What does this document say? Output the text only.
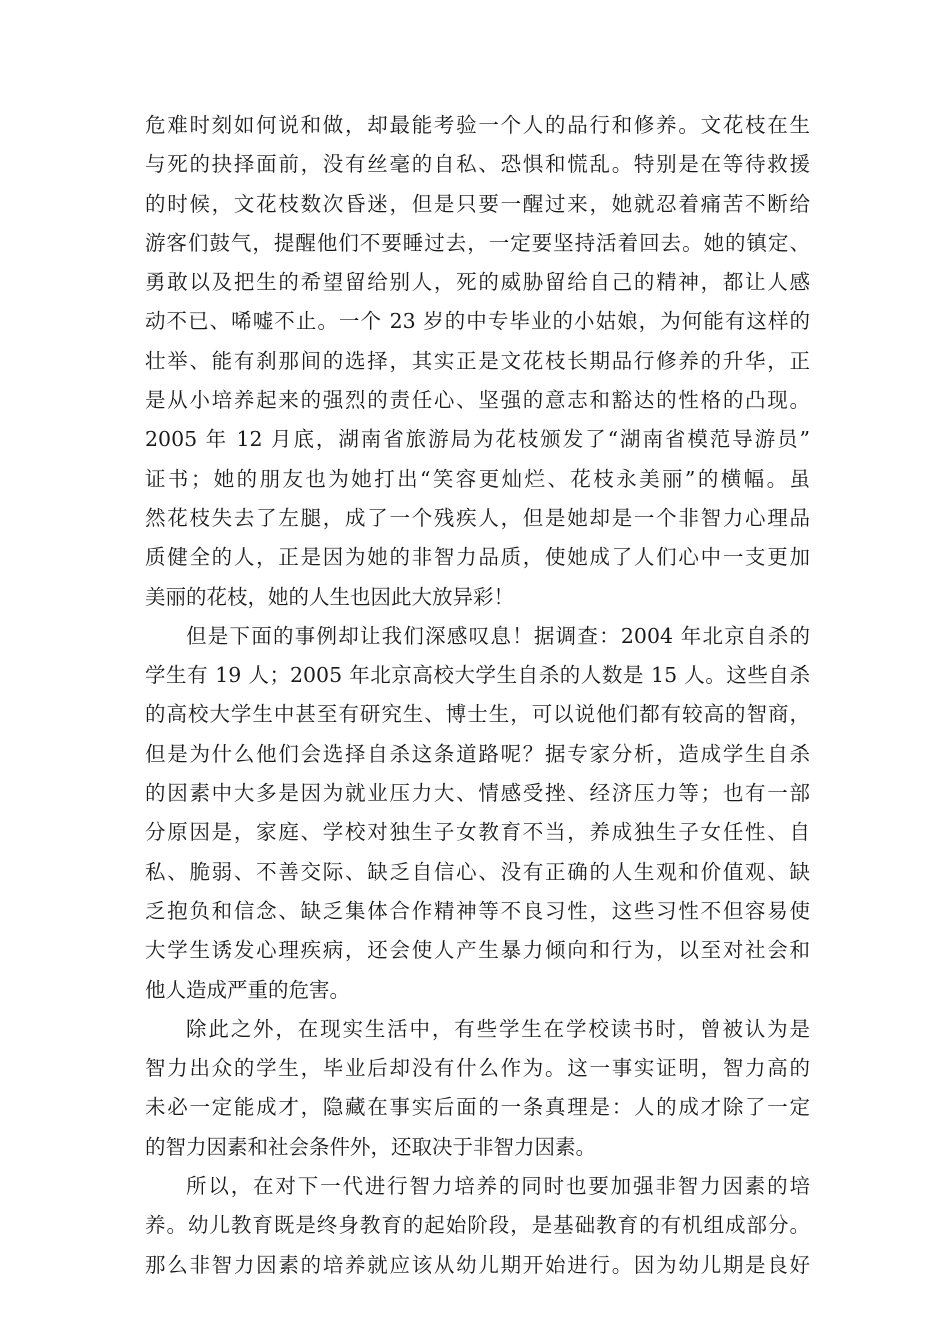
危难时刻如何说和做，却最能考验一个人的品行和修养。文花枝在生
与死的抉择面前，没有丝毫的自私、恐惧和慌乱。特别是在等待救援
的时候，文花枝数次昏迷，但是只要一醒过来，她就忍着痛苦不断给
游客们鼓气，提醒他们不要睡过去，一定要坚持活着回去。她的镇定、
勇敢以及把生的希望留给别人，死的威胁留给自己的精神，都让人感
动不已、唏嘘不止。一个 23 岁的中专毕业的小姑娘，为何能有这样的
壮举、能有刹那间的选择，其实正是文花枝长期品行修养的升华，正
是从小培养起来的强烈的责任心、坚强的意志和豁达的性格的凸现。
2005 年 12 月底，湖南省旅游局为花枝颁发了“湖南省模范导游员”
证书；她的朋友也为她打出“笑容更灿烂、花枝永美丽”的横幅。虽
然花枝失去了左腿，成了一个残疾人，但是她却是一个非智力心理品
质健全的人，正是因为她的非智力品质，使她成了人们心中一支更加
美丽的花枝，她的人生也因此大放异彩！
但是下面的事例却让我们深感叹息！据调查：2004 年北京自杀的
学生有 19 人；2005 年北京高校大学生自杀的人数是 15 人。这些自杀
的高校大学生中甚至有研究生、博士生，可以说他们都有较高的智商，
但是为什么他们会选择自杀这条道路呢？据专家分析，造成学生自杀
的因素中大多是因为就业压力大、情感受挫、经济压力等；也有一部
分原因是，家庭、学校对独生子女教育不当，养成独生子女任性、自
私、脆弱、不善交际、缺乏自信心、没有正确的人生观和价值观、缺
乏抱负和信念、缺乏集体合作精神等不良习性，这些习性不但容易使
大学生诱发心理疾病，还会使人产生暴力倾向和行为，以至对社会和
他人造成严重的危害。
除此之外，在现实生活中，有些学生在学校读书时，曾被认为是
智力出众的学生，毕业后却没有什么作为。这一事实证明，智力高的
未必一定能成才，隐藏在事实后面的一条真理是：人的成才除了一定
的智力因素和社会条件外，还取决于非智力因素。
所以，在对下一代进行智力培养的同时也要加强非智力因素的培
养。幼儿教育既是终身教育的起始阶段，是基础教育的有机组成部分。
那么非智力因素的培养就应该从幼儿期开始进行。因为幼儿期是良好
